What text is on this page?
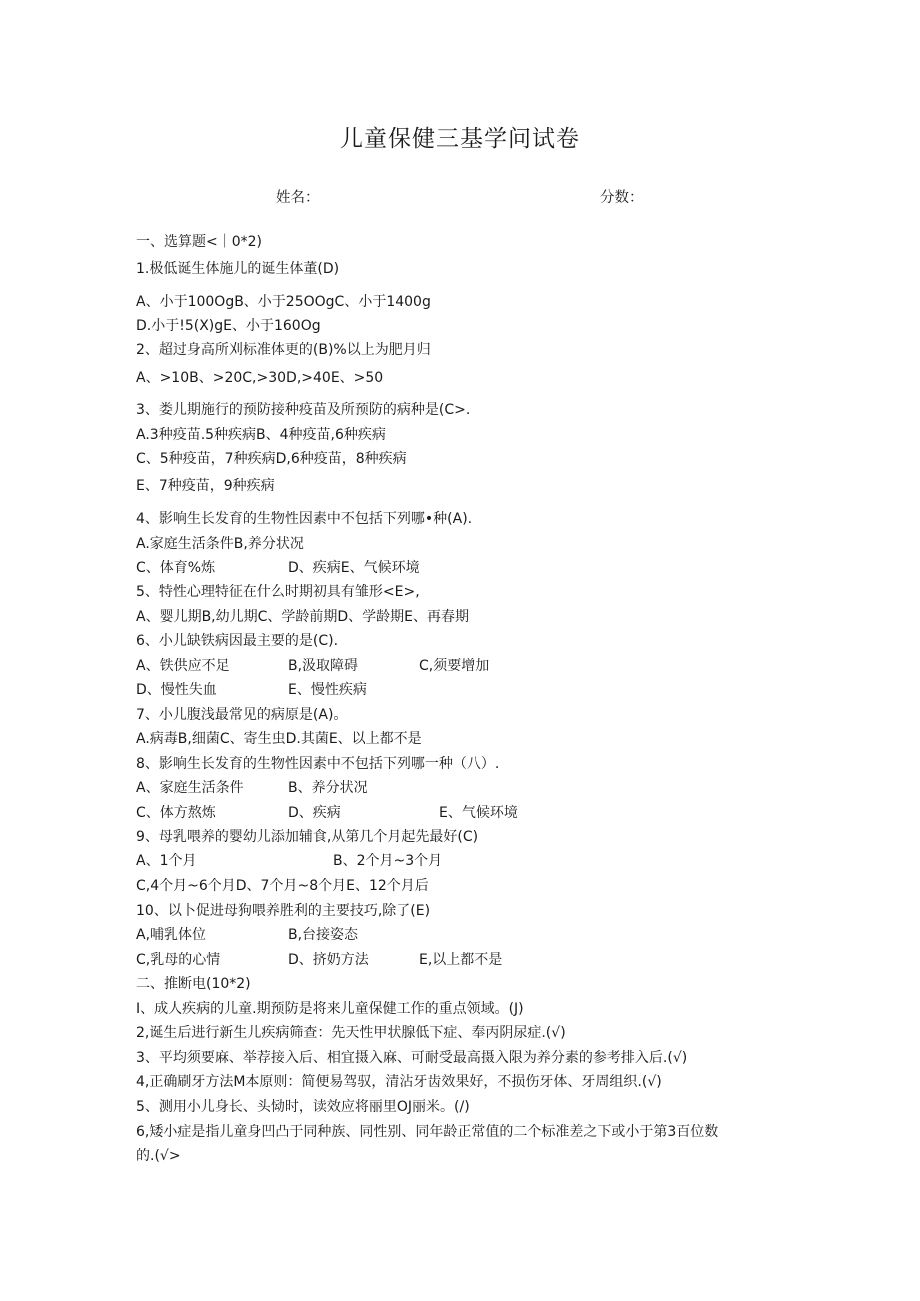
儿童保健三基学问试卷
姓名：	分数：
一、选算题<｜0*2)
1.极低诞生体施儿的诞生体董(D)
A、小于100OgB、小于25OOgC、小于1400g
D.小于!5(X)gE、小于160Og
2、超过身高所刈标准体更的(B)%以上为肥月归
A、>10B、>20C,>30D,>40E、>50
3、娄儿期施行的预防接种疫苗及所预防的病种是(C>.
A.3种疫苗.5种疾病B、4种疫苗,6种疾病
C、5种疫苗，7种疾病D,6种疫苗，8种疾病
E、7种疫苗，9种疾病
4、影响生长发育的生物性因素中不包括下列哪•种(A).
A.家庭生活条件B,养分状况
C、体育%炼	D、疾病E、气候环境
5、特性心理特征在什么时期初具有雏形<E>,
A、婴儿期B,幼儿期C、学龄前期D、学龄期E、再春期
6、小儿缺铁病因最主要的是(C).
A、铁供应不足	B,汲取障碍	C,须要增加
D、慢性失血	E、慢性疾病
7、小儿腹浅最常见的病原是(A)。
A.病毒B,细菌C、寄生虫D.其菌E、以上都不是
8、影响生长发育的生物性因素中不包括下列哪一种（八）.
A、家庭生活条件	B、养分状况
C、体方熬炼	D、疾病	E、气候环境
9、母乳喂养的婴幼儿添加辅食,从第几个月起先最好(C)
A、1个月	B、2个月~3个月
C,4个月~6个月D、7个月~8个月E、12个月后
10、以卜促进母狗喂养胜利的主要技巧,除了(E)
A,哺乳体位	B,台接姿态
C,乳母的心情	D、挤奶方法	E,以上都不是
二、推断电(10*2)
I、成人疾病的儿童.期预防是将来儿童保健工作的重点领域。(J)
2,诞生后进行新生儿疾病筛查：先天性甲状腺低下症、奉丙阴尿症.(√)
3、平均须要麻、举荐接入后、相宜摄入麻、可耐受最高摄入限为养分素的参考排入后.(√)
4,正确刷牙方法M本原则：简便易驾驭，清沾牙齿效果好，不损伤牙体、牙周组织.(√)
5、测用小儿身长、头恸时，读效应将丽里OJ丽米。(/)
6,矮小症是指儿童身凹凸于同种族、同性别、同年龄正常值的二个标准差之下或小于第3百位数
的.(√>
